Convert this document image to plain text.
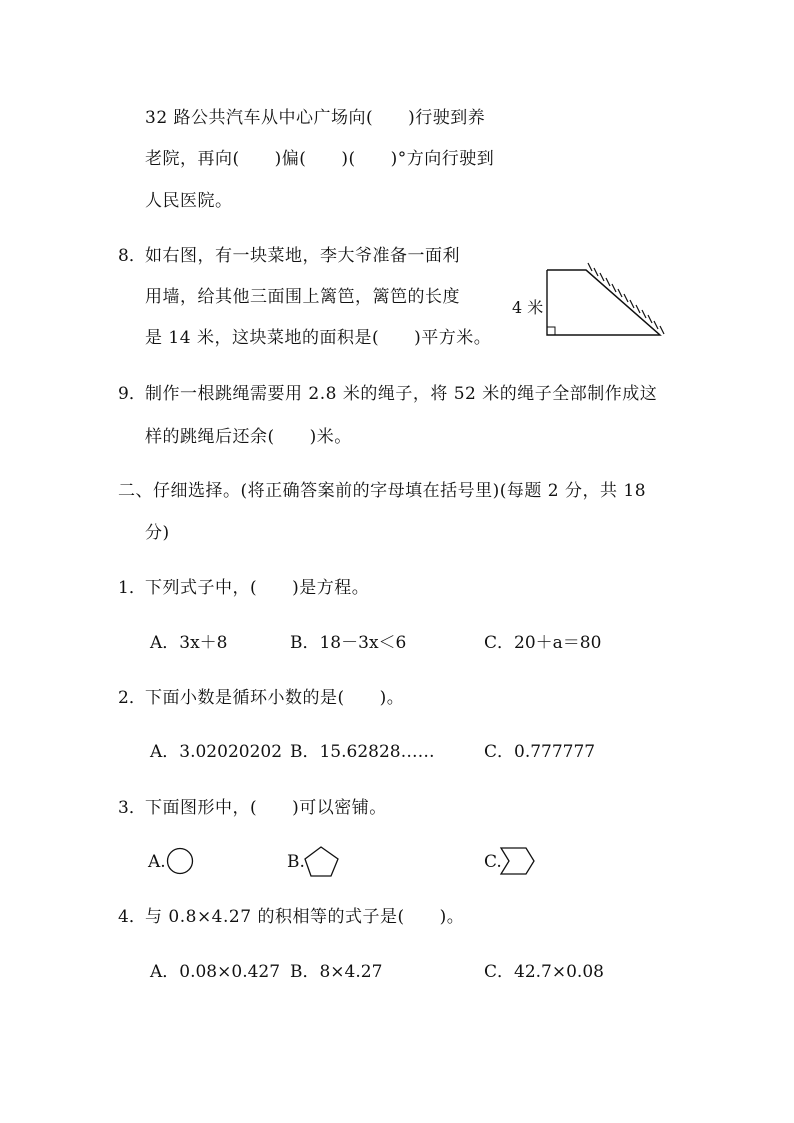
32 路公共汽车从中心广场向(　　)行驶到养
老院，再向(　　)偏(　　)(　　)°方向行驶到
人民医院。
8． 如右图，有一块菜地，李大爷准备一面利
用墙，给其他三面围上篱笆，篱笆的长度
是 14 米，这块菜地的面积是(　　)平方米。
4 米
9． 制作一根跳绳需要用 2.8 米的绳子，将 52 米的绳子全部制作成这
样的跳绳后还余(　　)米。
二、仔细选择。(将正确答案前的字母填在括号里)(每题 2 分，共 18
分)
1． 下列式子中，(　　)是方程。
A．3x＋8	B．18－3x＜6	C．20＋a＝80
2． 下面小数是循环小数的是(　　)。
A．3.02020202 B．15.62828……	C．0.777777
3． 下面图形中，(　　)可以密铺。
A.	B.	C.
4． 与 0.8×4.27 的积相等的式子是(　　)。
A．0.08×0.427 B．8×4.27	C．42.7×0.08
